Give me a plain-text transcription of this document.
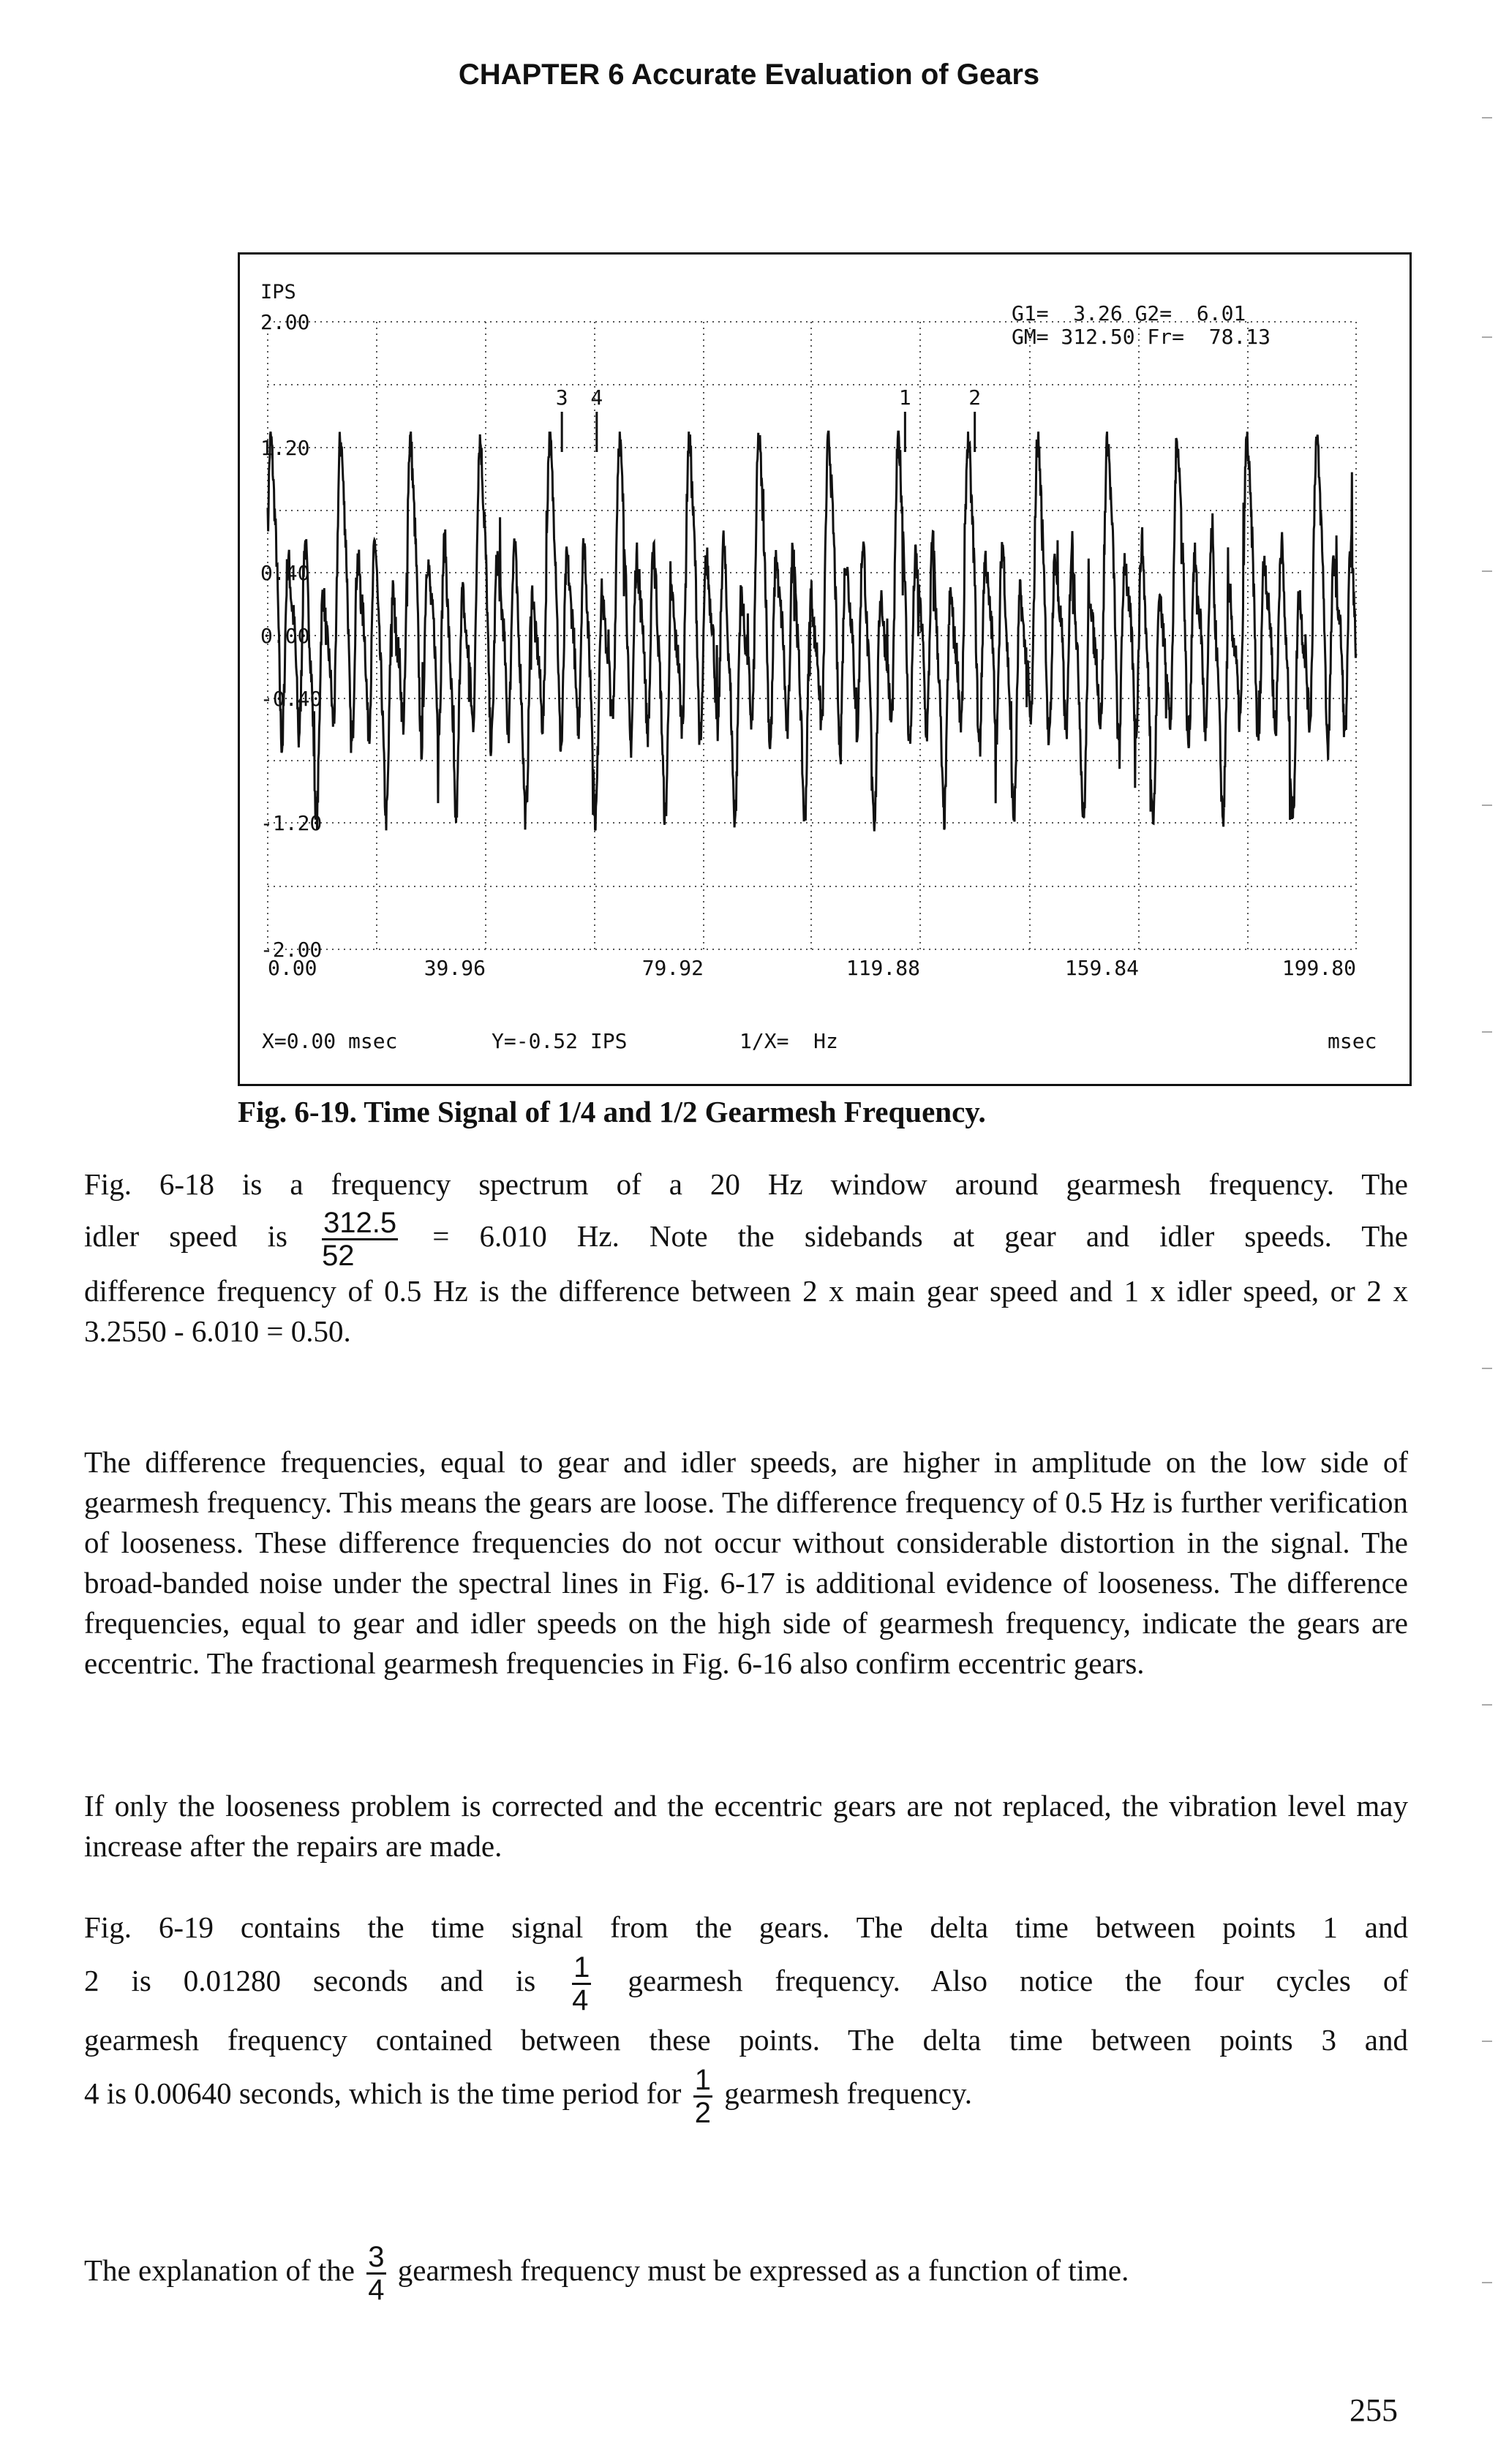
CHAPTER 6 Accurate Evaluation of Gears
2.00
1.20
0.40
0.00
-0.40
-1.20
-2.00
0.00	39.96	79.92	119.88	159.84	199.80
3 4	1	2
IPS
G1=  3.26 G2=  6.01
GM= 312.50 Fr=  78.13
X=0.00 msec	Y=-0.52 IPS	1/X=  Hz	msec
Fig. 6-19. Time Signal of 1/4 and 1/2 Gearmesh Frequency.

Fig. 6-18 is a frequency spectrum of a 20 Hz window around gearmesh frequency. The

idler speed is $\frac{312.5}{52} = 6.010$ Hz. Note the sidebands at gear and idler speeds. The

difference frequency of 0.5 Hz is the difference between 2 x main gear speed and 1 x idler speed, or 2 x 3.2550 - 6.010 = 0.50.

The difference frequencies, equal to gear and idler speeds, are higher in amplitude on the low side of gearmesh frequency. This means the gears are loose. The difference frequency of 0.5 Hz is further verification of looseness. These difference frequencies do not occur without considerable distortion in the signal. The broad-banded noise under the spectral lines in Fig. 6-17 is additional evidence of looseness. The difference frequencies, equal to gear and idler speeds on the high side of gearmesh frequency, indicate the gears are eccentric. The fractional gearmesh frequencies in Fig. 6-16 also confirm eccentric gears.
If only the looseness problem is corrected and the eccentric gears are not replaced, the vibration level may increase after the repairs are made.

Fig. 6-19 contains the time signal from the gears. The delta time between points 1 and

2 is 0.01280 seconds and is $\frac{1}{4}$ gearmesh frequency. Also notice the four cycles of

gearmesh frequency contained between these points. The delta time between points 3 and

4 is 0.00640 seconds, which is the time period for $\frac{1}{2}$ gearmesh frequency.

The explanation of the $\frac{3}{4}$ gearmesh frequency must be expressed as a function of time.

255
